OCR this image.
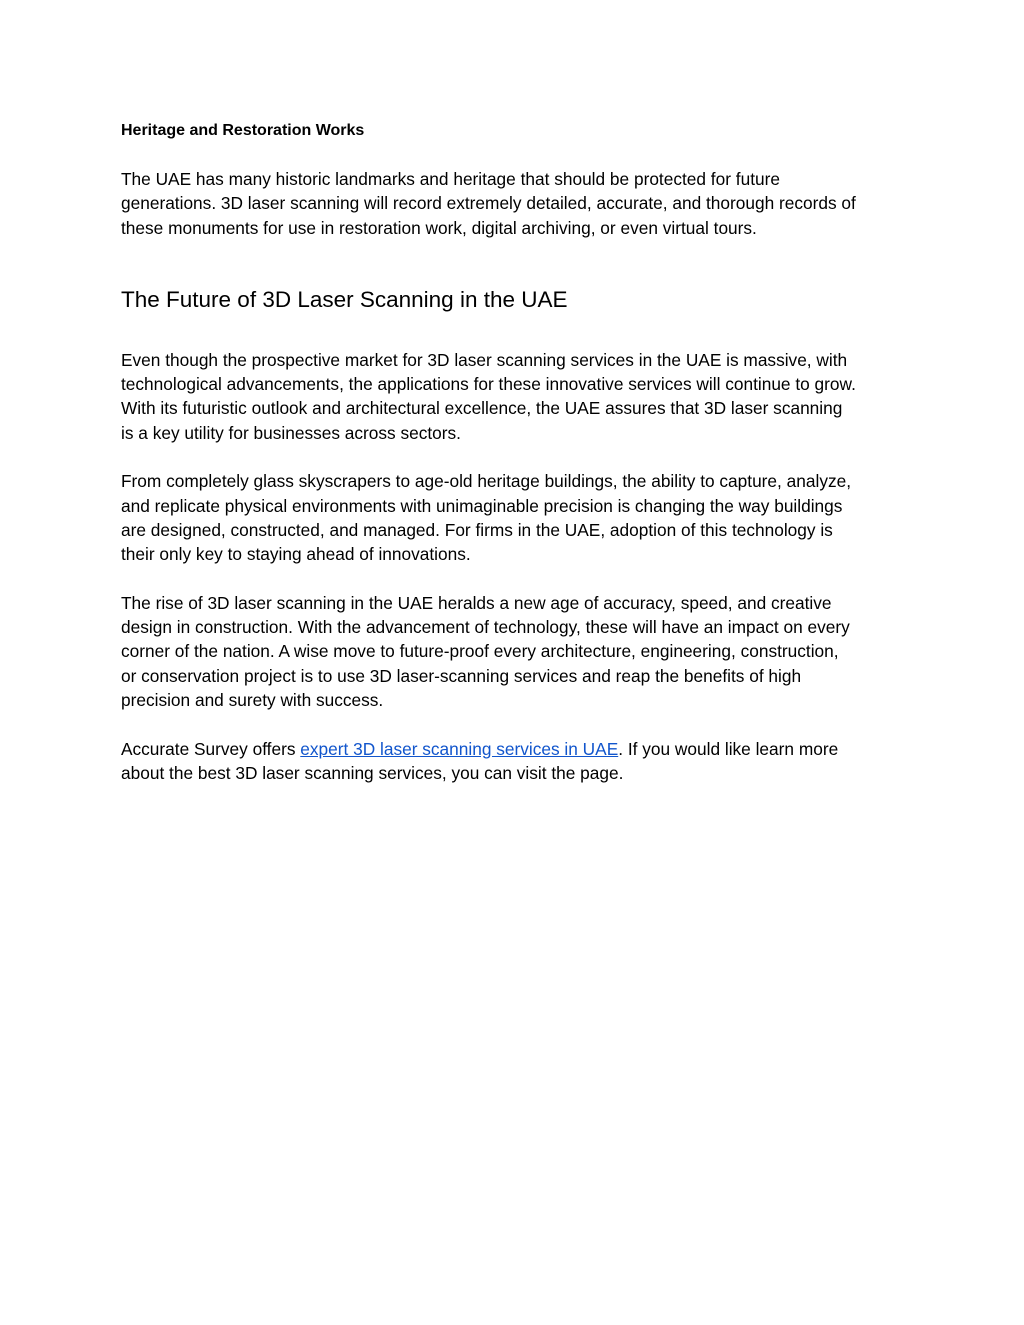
Heritage and Restoration Works

The UAE has many historic landmarks and heritage that should be protected for future
generations. 3D laser scanning will record extremely detailed, accurate, and thorough records of
these monuments for use in restoration work, digital archiving, or even virtual tours.

The Future of 3D Laser Scanning in the UAE

Even though the prospective market for 3D laser scanning services in the UAE is massive, with
technological advancements, the applications for these innovative services will continue to grow.
With its futuristic outlook and architectural excellence, the UAE assures that 3D laser scanning
is a key utility for businesses across sectors.

From completely glass skyscrapers to age-old heritage buildings, the ability to capture, analyze,
and replicate physical environments with unimaginable precision is changing the way buildings
are designed, constructed, and managed. For firms in the UAE, adoption of this technology is
their only key to staying ahead of innovations.

The rise of 3D laser scanning in the UAE heralds a new age of accuracy, speed, and creative
design in construction. With the advancement of technology, these will have an impact on every
corner of the nation. A wise move to future-proof every architecture, engineering, construction,
or conservation project is to use 3D laser-scanning services and reap the benefits of high
precision and surety with success.

Accurate Survey offers expert 3D laser scanning services in UAE. If you would like learn more
about the best 3D laser scanning services, you can visit the page.
